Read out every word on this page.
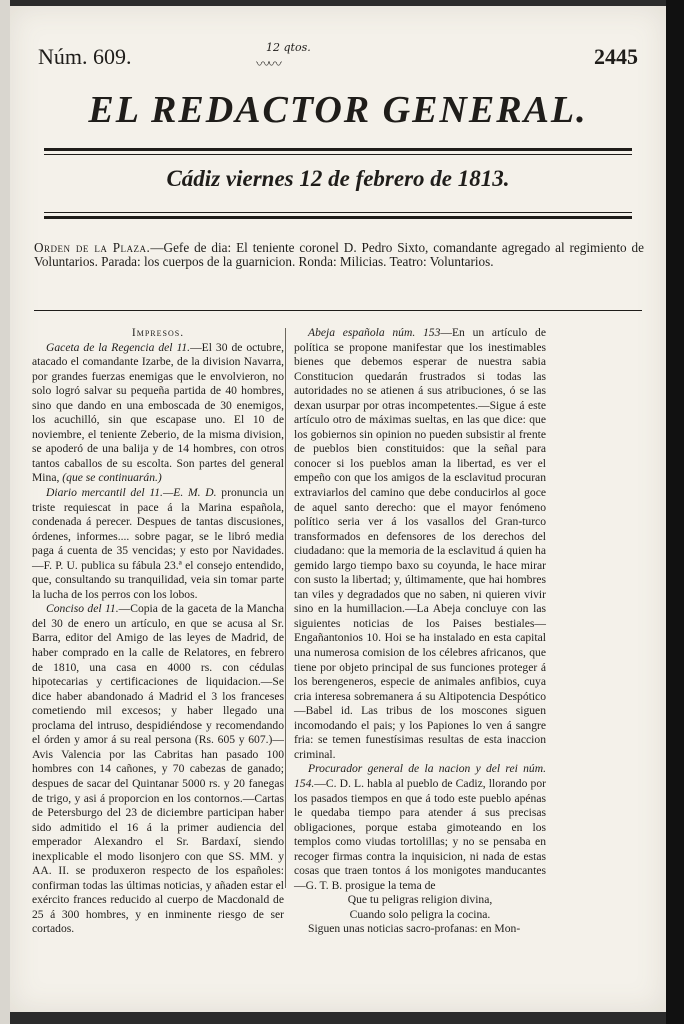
Núm. 609.	12 qtos.
〰〰	2445
EL REDACTOR GENERAL.
Cádiz viernes 12 de febrero de 1813.
Orden de la Plaza.—Gefe de dia: El teniente coronel D. Pedro Sixto, comandante agregado al regimiento de Voluntarios. Parada: los cuerpos de la guarnicion. Ronda: Milicias. Teatro: Voluntarios.

Impresos.

Gaceta de la Regencia del 11.—El 30 de octubre, atacado el comandante Izarbe, de la division Navarra, por grandes fuerzas enemigas que le envolvieron, no solo logró salvar su pequeña partida de 40 hombres, sino que dando en una emboscada de 30 enemigos, los acuchilló, sin que escapase uno. El 10 de noviembre, el teniente Zeberio, de la misma division, se apoderó de una balija y de 14 hombres, con otros tantos caballos de su escolta. Son partes del general Mina, (que se continuarán.)

Diario mercantil del 11.—E. M. D. pronuncia un triste requiescat in pace á la Marina española, condenada á perecer. Despues de tantas discusiones, órdenes, informes.... sobre pagar, se le libró media paga á cuenta de 35 vencidas; y esto por Navidades.—F. P. U. publica su fábula 23.ª el consejo entendido, que, consultando su tranquilidad, veia sin tomar parte la lucha de los perros con los lobos.

Conciso del 11.—Copia de la gaceta de la Mancha del 30 de enero un artículo, en que se acusa al Sr. Barra, editor del Amigo de las leyes de Madrid, de haber comprado en la calle de Relatores, en febrero de 1810, una casa en 4000 rs. con cédulas hipotecarias y certificaciones de liquidacion.—Se dice haber abandonado á Madrid el 3 los franceses cometiendo mil excesos; y haber llegado una proclama del intruso, despidiéndose y recomendando el órden y amor á su real persona (Rs. 605 y 607.)—Avis Valencia por las Cabritas han pasado 100 hombres con 14 cañones, y 70 cabezas de ganado; despues de sacar del Quintanar 5000 rs. y 20 fanegas de trigo, y asi á proporcion en los contornos.—Cartas de Petersburgo del 23 de diciembre participan haber sido admitido el 16 á la primer audiencia del emperador Alexandro el Sr. Bardaxí, siendo inexplicable el modo lisonjero con que SS. MM. y AA. II. se produxeron respecto de los españoles: confirman todas las últimas noticias, y añaden estar el exército frances reducido al cuerpo de Macdonald de 25 á 300 hombres, y en inminente riesgo de ser cortados.

Abeja española núm. 153—En un artículo de política se propone manifestar que los inestimables bienes que debemos esperar de nuestra sabia Constitucion quedarán frustrados si todas las autoridades no se atienen á sus atribuciones, ó se las dexan usurpar por otras incompetentes.—Sigue á este artículo otro de máximas sueltas, en las que dice: que los gobiernos sin opinion no pueden subsistir al frente de pueblos bien constituidos: que la señal para conocer si los pueblos aman la libertad, es ver el empeño con que los amigos de la esclavitud procuran extraviarlos del camino que debe conducirlos al goce de aquel santo derecho: que el mayor fenómeno político seria ver á los vasallos del Gran-turco transformados en defensores de los derechos del ciudadano: que la memoria de la esclavitud á quien ha gemido largo tiempo baxo su coyunda, le hace mirar con susto la libertad; y, últimamente, que hai hombres tan viles y degradados que no saben, ni quieren vivir sino en la humillacion.—La Abeja concluye con las siguientes noticias de los Paises bestiales—Engañantonios 10. Hoi se ha instalado en esta capital una numerosa comision de los célebres africanos, que tiene por objeto principal de sus funciones proteger á los berengeneros, especie de animales anfibios, cuya cria interesa sobremanera á su Altipotencia Despótico—Babel id. Las tribus de los moscones siguen incomodando el pais; y los Papiones lo ven á sangre fria: se temen funestísimas resultas de esta inaccion criminal.

Procurador general de la nacion y del rei núm. 154.—C. D. L. habla al pueblo de Cadiz, llorando por los pasados tiempos en que á todo este pueblo apénas le quedaba tiempo para atender á sus precisas obligaciones, porque estaba gimoteando en los templos como viudas tortolillas; y no se pensaba en recoger firmas contra la inquisicion, ni nada de estas cosas que traen tontos á los monigotes manducantes—G. T. B. prosigue la tema de

Que tu peligras religion divina,

Cuando solo peligra la cocina.

Siguen unas noticias sacro-profanas: en Mon-
